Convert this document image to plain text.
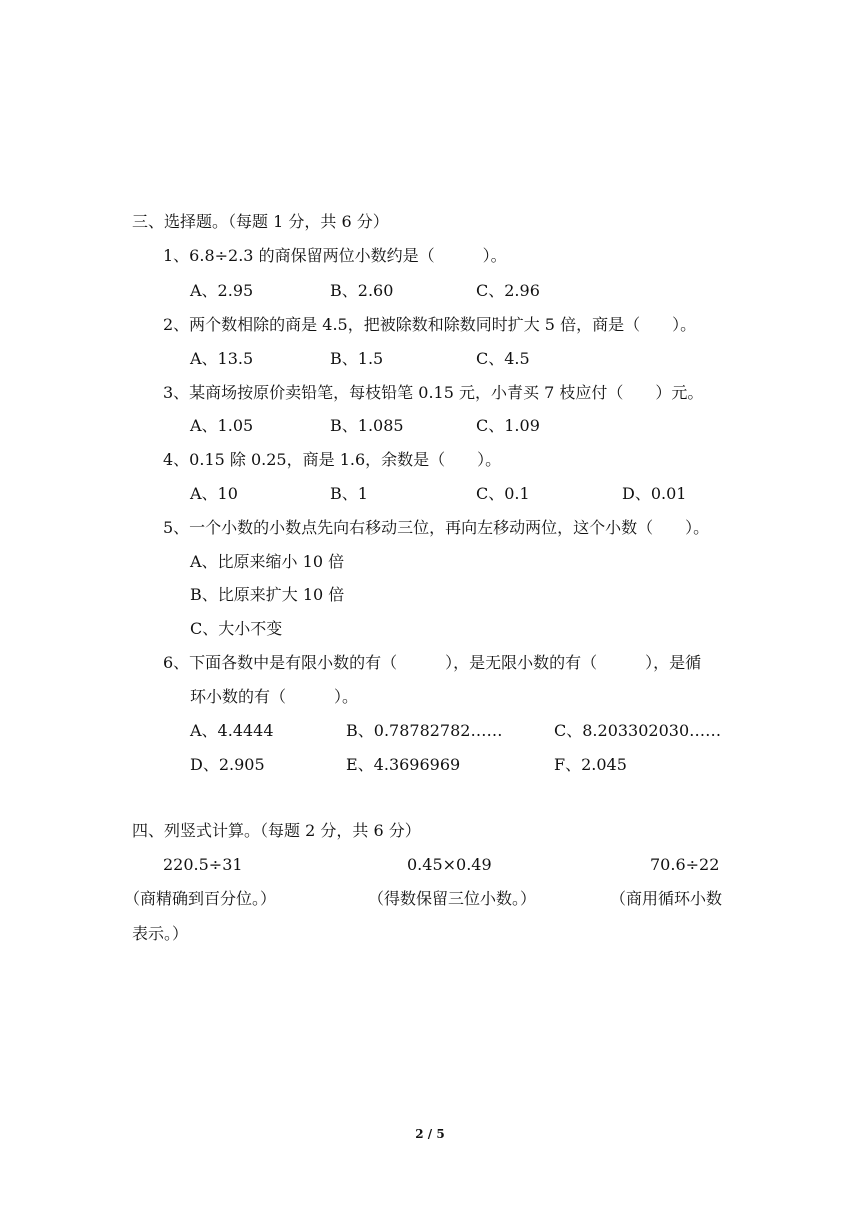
三、选择题。（每题 1 分，共 6 分）
1、6.8÷2.3 的商保留两位小数约是（　　　）。
A、2.95	B、2.60	C、2.96
2、两个数相除的商是 4.5，把被除数和除数同时扩大 5 倍，商是（　　）。
A、13.5	B、1.5	C、4.5
3、某商场按原价卖铅笔，每枝铅笔 0.15 元，小青买 7 枝应付（　　）元。
A、1.05	B、1.085	C、1.09
4、0.15 除 0.25，商是 1.6，余数是（　　）。
A、10	B、1	C、0.1	D、0.01
5、一个小数的小数点先向右移动三位，再向左移动两位，这个小数（　　）。
A、比原来缩小 10 倍
B、比原来扩大 10 倍
C、大小不变
6、下面各数中是有限小数的有（　　　），是无限小数的有（　　　），是循
环小数的有（　　　）。
A、4.4444	B、0.78782782……	C、8.203302030……
D、2.905	E、4.3696969	F、2.045
四、列竖式计算。（每题 2 分，共 6 分）
220.5÷31	0.45×0.49	70.6÷22
（商精确到百分位。）	（得数保留三位小数。）	（商用循环小数
表示。）
2 / 5
